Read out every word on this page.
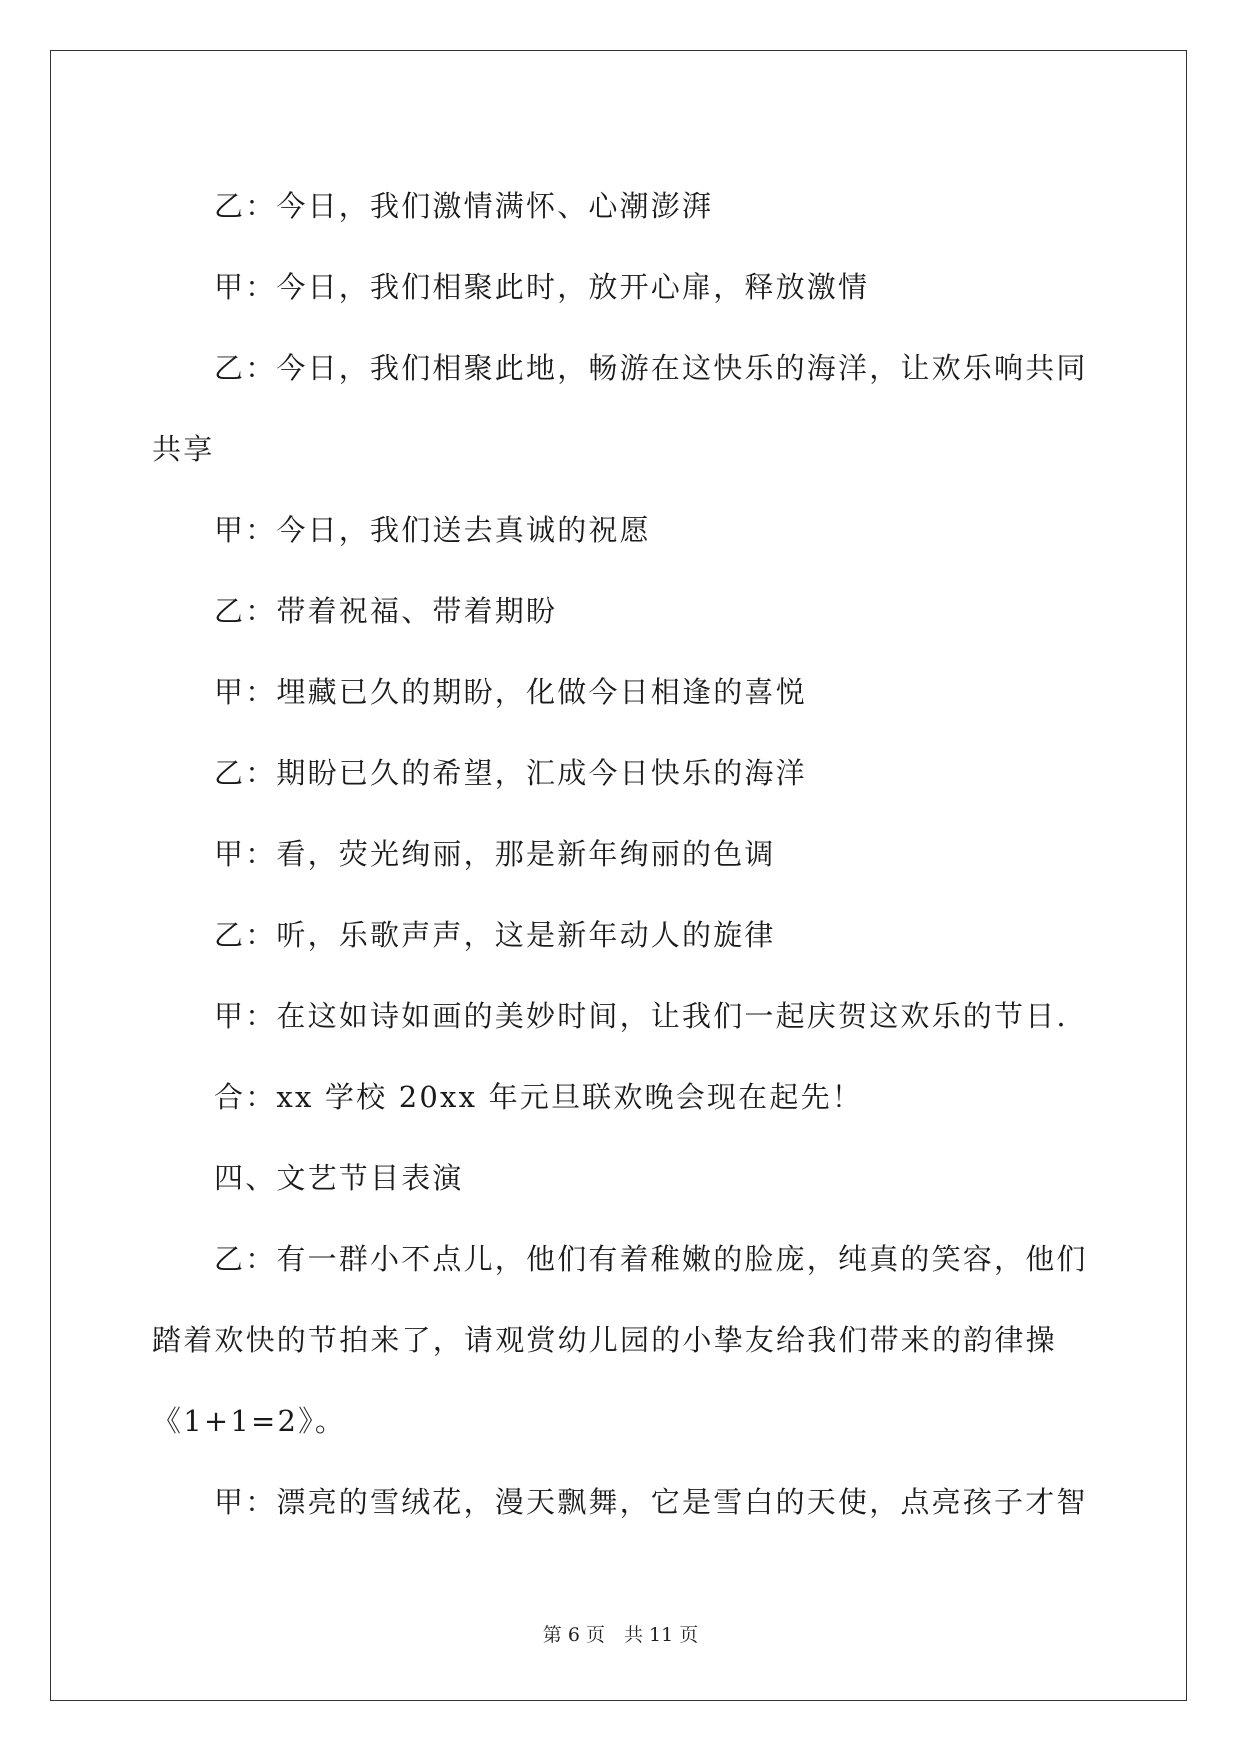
乙：今日，我们激情满怀、心潮澎湃
甲：今日，我们相聚此时，放开心扉，释放激情
乙：今日，我们相聚此地，畅游在这快乐的海洋，让欢乐响共同
共享
甲：今日，我们送去真诚的祝愿
乙：带着祝福、带着期盼
甲：埋藏已久的期盼，化做今日相逢的喜悦
乙：期盼已久的希望，汇成今日快乐的海洋
甲：看，荧光绚丽，那是新年绚丽的色调
乙：听，乐歌声声，这是新年动人的旋律
甲：在这如诗如画的美妙时间，让我们一起庆贺这欢乐的节日.
合：xx 学校 20xx 年元旦联欢晚会现在起先！
四、文艺节目表演
乙：有一群小不点儿，他们有着稚嫩的脸庞，纯真的笑容，他们
踏着欢快的节拍来了，请观赏幼儿园的小挚友给我们带来的韵律操
《1+1=2》。
甲：漂亮的雪绒花，漫天飘舞，它是雪白的天使，点亮孩子才智
第 6 页　共 11 页
